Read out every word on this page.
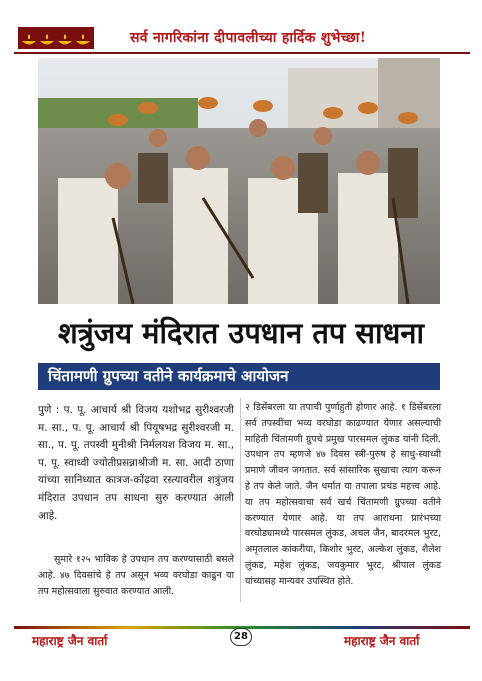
सर्व नागरिकांना दीपावलीच्या हार्दिक शुभेच्छा!
शत्रुंजय मंदिरात उपधान तप साधना
चिंतामणी ग्रुपच्या वतीने कार्यक्रमाचे आयोजन

पुणे : प. पू. आचार्य श्री विजय यशोभद्र सुरीश्वरजी म. सा., प. पू. आचार्य श्री पियूषभद्र सुरीश्वरजी म. सा., प. पू. तपस्वी मुनीश्री निर्मलयश विजय म. सा., प. पू. स्वाध्वी ज्योतीप्रसन्नाश्रीजी म. सा. आदी ठाणा यांच्या सानिध्यात कात्रज-कोंढवा रस्त्यावरील शत्रुंजय मंदिरात उपधान तप साधना सुरु करण्यात आली आहे.

सुमारे १२५ भाविक हे उपधान तप करण्यासाठी बसले आहे. ४७ दिवसांचे हे तप असून भव्य वरघोडा काढुन या तप महोत्सवाला सुरुवात करण्यात आली.
२ डिसेंबरला या तपाची पुर्णाहुती होणार आहे. १ डिसेंबरला सर्व तपस्वींचा भव्य वरघोडा काढण्यात येणार असल्याची माहिती चिंतामणी ग्रुपचे प्रमुख पारसमल लुंकड यांनी दिली. उपधान तप म्हणजे ४७ दिवस स्त्री-पुरुष हे साधु-स्वाध्वी प्रमाणे जीवन जगतात. सर्व सांसारिक सुखाचा त्याग करून हे तप केले जाते. जैन धर्मात या तपाला प्रचंड महत्त्व आहे. या तप महोत्सवाचा सर्व खर्च चिंतामणी ग्रुपच्या वतीने करण्यात येणार आहे. या तप आराधना प्रारंभच्या वरघोड्यामध्ये पारसमल लुंकड, अचल जैन, बादरमल भुरट, अमृतलाल कांकरीया, किशोर भुरट, अल्केश लुंकड, शैलेश लुंकड, महेश लुंकड, जयकुमार भुरट, श्रीपाल लुंकड यांच्यासह मान्यवर उपस्थित होते.
महाराष्ट्र जैन वार्ता	28	महाराष्ट्र जैन वार्ता
